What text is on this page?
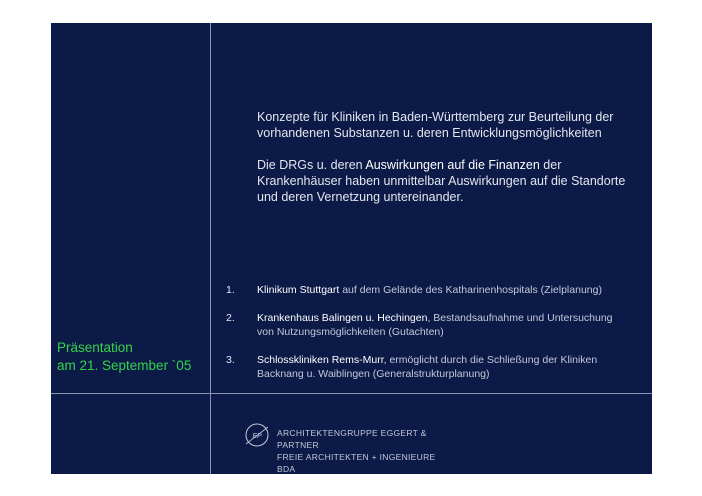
Konzepte für Kliniken in Baden-Württemberg zur Beurteilung der vorhandenen Substanzen u. deren Entwicklungsmöglichkeiten

Die DRGs u. deren Auswirkungen auf die Finanzen der Krankenhäuser haben unmittelbar Auswirkungen auf die Standorte und deren Vernetzung untereinander.

1. Klinikum Stuttgart auf dem Gelände des Katharinenhospitals (Zielplanung)
2. Krankenhaus Balingen u. Hechingen, Bestandsaufnahme und Untersuchung von Nutzungsmöglichkeiten (Gutachten)
3. Schlosskliniken Rems-Murr, ermöglicht durch die Schließung der Kliniken Backnang u. Waiblingen (Generalstrukturplanung)
Präsentation
am 21. September `05
EP ARCHITEKTENGRUPPE EGGERT &
PARTNER
FREIE ARCHITEKTEN + INGENIEURE
BDA
